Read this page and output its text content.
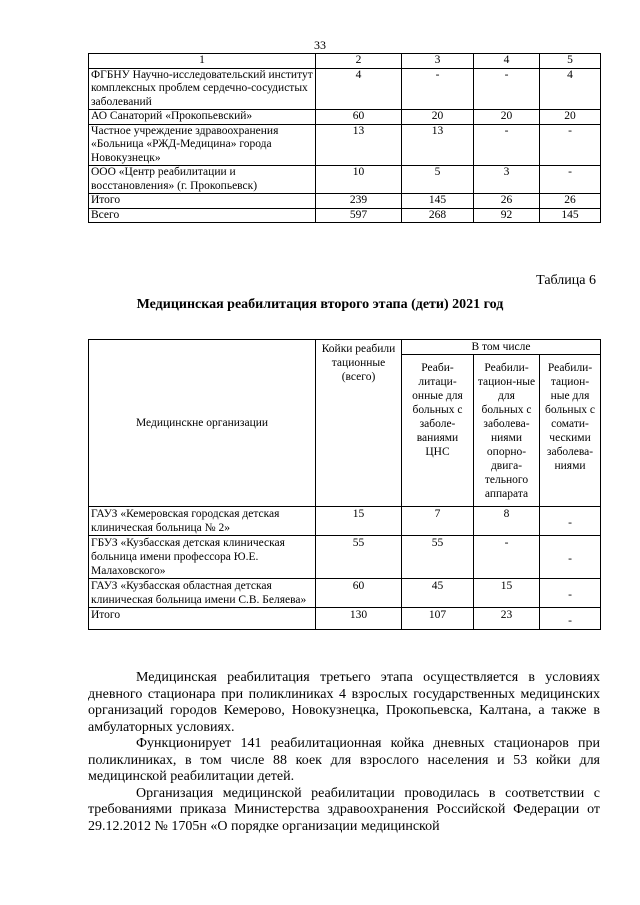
33
1	2	3	4	5
ФГБНУ Научно-исследовательский институт комплексных проблем сердечно-сосудистых заболеваний	4	-	-	4
АО Санаторий «Прокопьевский»	60	20	20	20
Частное учреждение здравоохранения «Больница «РЖД-Медицина» города Новокузнецк»	13	13	-	-
ООО «Центр реабилитации и восстановления» (г. Прокопьевск)	10	5	3	-
Итого	239	145	26	26
Всего	597	268	92	145
Таблица 6
Медицинская реабилитация второго этапа (дети) 2021 год
Медицинскне организации	Койки реабили тационные (всего)	В том числе		
		Реаби-литаци-онные для больных с заболе-ваниями ЦНС	Реабили-тацион-ные для больных с заболева-ниями опорно-двига-тельного аппарата	Реабили-тацион-ные для больных с сомати-ческими заболева-ниями
ГАУЗ «Кемеровская городская детская клиническая больница № 2»	15	7	8	-
ГБУЗ «Кузбасская детская клиническая больница имени профессора Ю.Е. Малаховского»	55	55	-	-
ГАУЗ «Кузбасская областная детская клиническая больница имени С.В. Беляева»	60	45	15	-
Итого	130	107	23	-

Медицинская реабилитация третьего этапа осуществляется в условиях дневного стационара при поликлиниках 4 взрослых государственных медицинских организаций городов Кемерово, Новокузнецка, Прокопьевска, Калтана, а также в амбулаторных условиях.

Функционирует 141 реабилитационная койка дневных стационаров при поликлиниках, в том числе 88 коек для взрослого населения и 53 койки для медицинской реабилитации детей.

Организация медицинской реабилитации проводилась в соответствии с требованиями приказа Министерства здравоохранения Российской Федерации от 29.12.2012 № 1705н «О порядке организации медицинской
